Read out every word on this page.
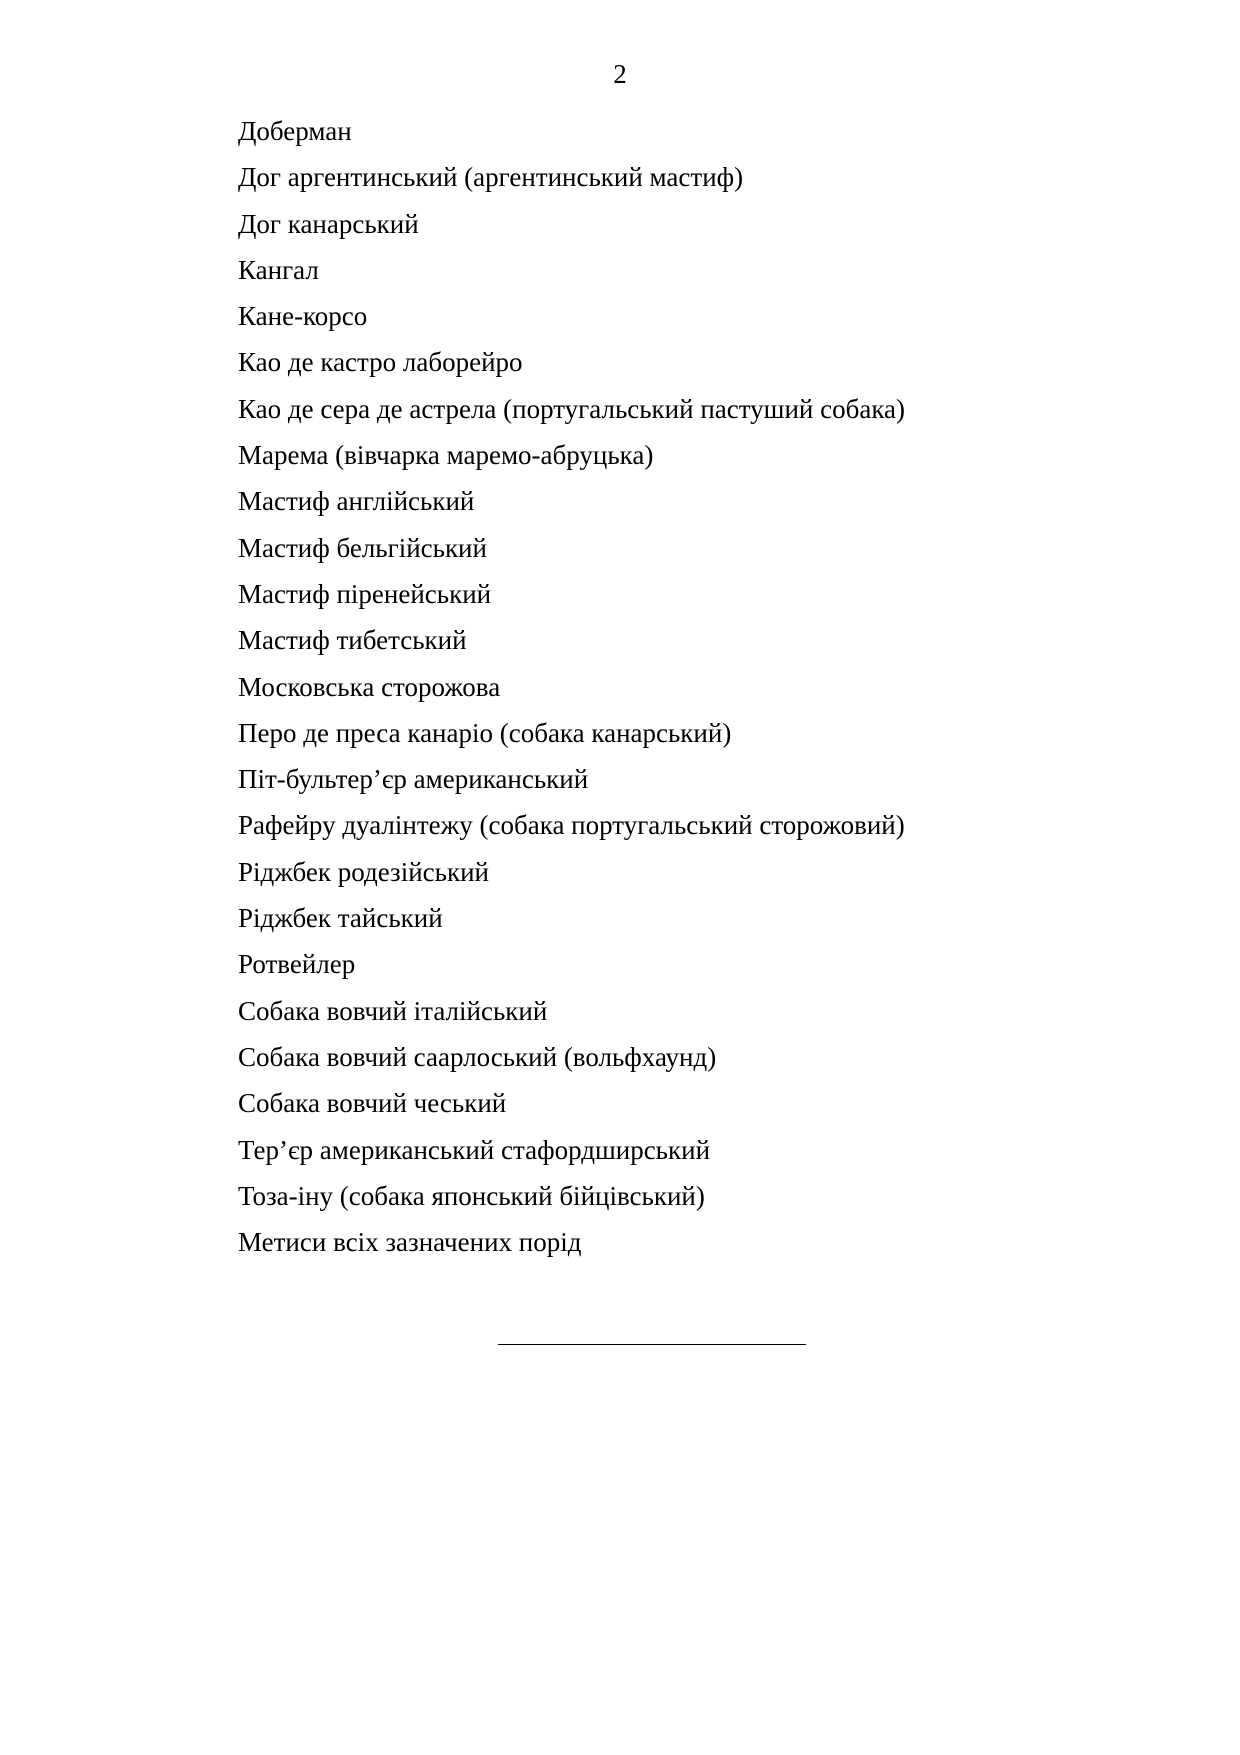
2
Доберман
Дог аргентинський (аргентинський мастиф)
Дог канарський
Кангал
Кане-корсо
Као де кастро лаборейро
Као де сера де астрела (португальський пастуший собака)
Марема (вівчарка маремо-абруцька)
Мастиф англійський
Мастиф бельгійський
Мастиф піренейський
Мастиф тибетський
Московська сторожова
Перо де преса канаріо (собака канарський)
Піт-бультер’єр американський
Рафейру дуалінтежу (собака португальський сторожовий)
Ріджбек родезійський
Ріджбек тайський
Ротвейлер
Собака вовчий італійський
Собака вовчий саарлоський (вольфхаунд)
Собака вовчий чеський
Тер’єр американський стафордширський
Тоза-іну (собака японський бійцівський)
Метиси всіх зазначених порід
